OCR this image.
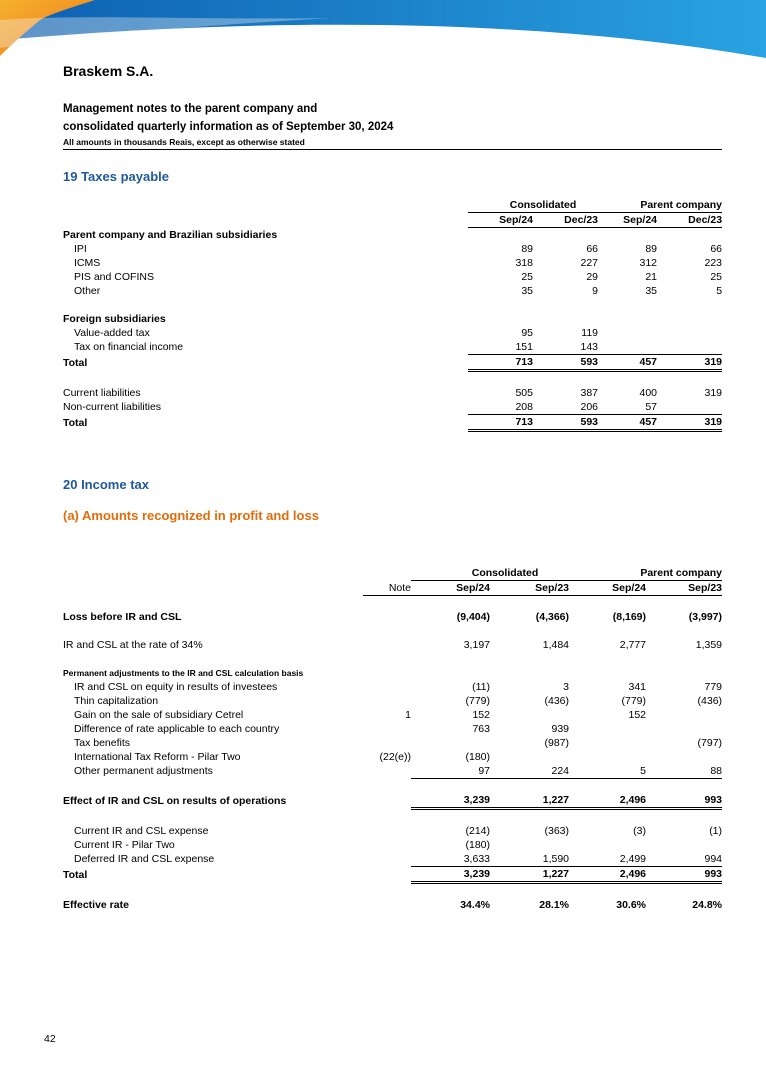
Braskem S.A.
Management notes to the parent company and
consolidated quarterly information as of September 30, 2024
All amounts in thousands Reais, except as otherwise stated
19 Taxes payable
	Consolidated		Parent company	
	Sep/24	Dec/23	Sep/24	Dec/23
Parent company and Brazilian subsidiaries				
IPI	89	66	89	66
ICMS	318	227	312	223
PIS and COFINS	25	29	21	25
Other	35	9	35	5

Foreign subsidiaries				
Value-added tax	95	119		
Tax on financial income	151	143		
Total	713	593	457	319

Current liabilities	505	387	400	319
Non-current liabilities	208	206	57	
Total	713	593	457	319
20 Income tax
(a) Amounts recognized in profit and loss
		Consolidated		Parent company	
	Note	Sep/24	Sep/23	Sep/24	Sep/23

Loss before IR and CSL		(9,404)	(4,366)	(8,169)	(3,997)

IR and CSL at the rate of 34%		3,197	1,484	2,777	1,359

Permanent adjustments to the IR and CSL calculation basis					
IR and CSL on equity in results of investees		(11)	3	341	779
Thin capitalization		(779)	(436)	(779)	(436)
Gain on the sale of subsidiary Cetrel	1	152		152	
Difference of rate applicable to each country		763	939		
Tax benefits			(987)		(797)
International Tax Reform - Pilar Two	(22(e))	(180)			
Other permanent adjustments		97	224	5	88

Effect of IR and CSL on results of operations		3,239	1,227	2,496	993

Current IR and CSL expense		(214)	(363)	(3)	(1)
Current IR - Pilar Two		(180)			
Deferred IR and CSL expense		3,633	1,590	2,499	994
Total		3,239	1,227	2,496	993

Effective rate		34.4%	28.1%	30.6%	24.8%
42
